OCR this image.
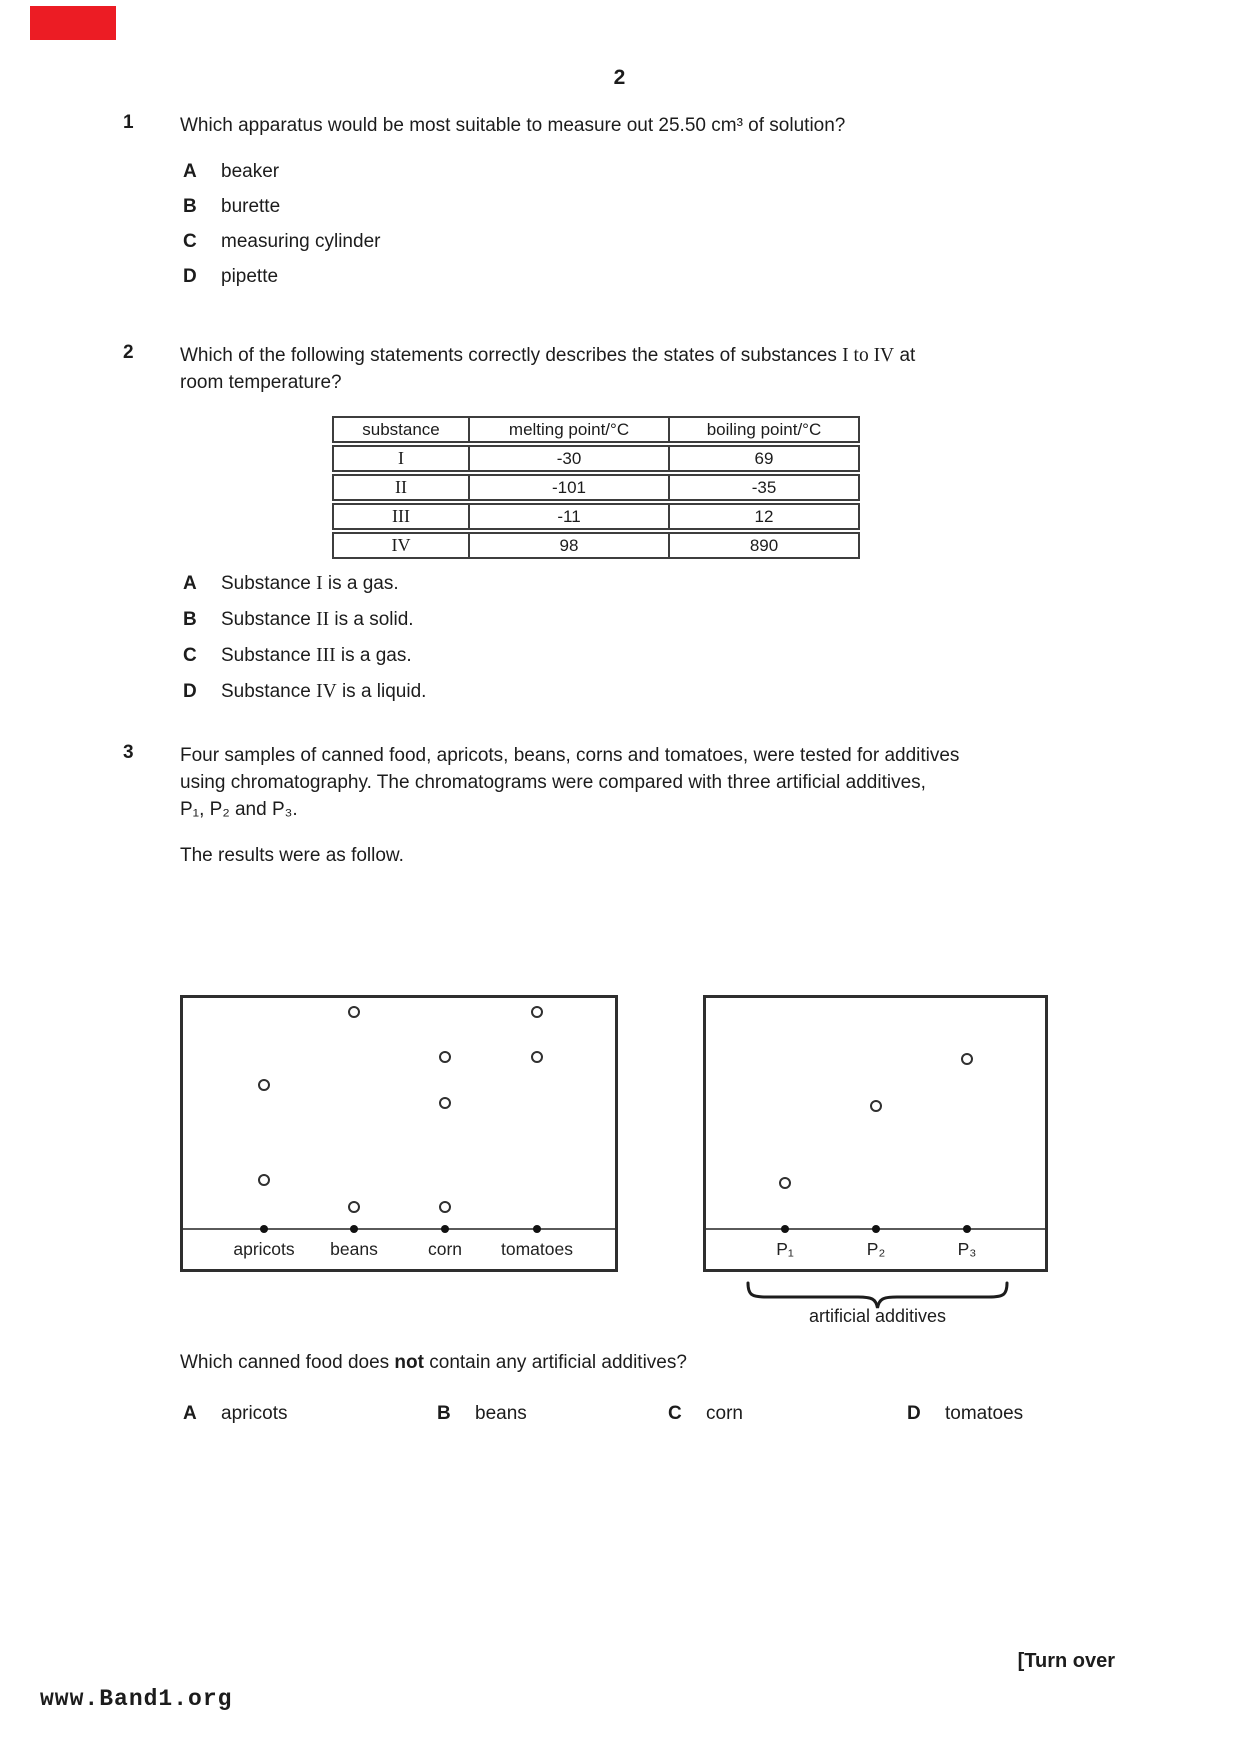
2
1	Which apparatus would be most suitable to measure out 25.50 cm³ of solution?
A	beaker
B	burette
C	measuring cylinder
D	pipette
2	Which of the following statements correctly describes the states of substances I to IV at
room temperature?
substance	melting point/°C	boiling point/°C
I	-30	69
II	-101	-35
III	-11	12
IV	98	890
A	Substance I is a gas.
B	Substance II is a solid.
C	Substance III is a gas.
D	Substance IV is a liquid.
3	Four samples of canned food, apricots, beans, corns and tomatoes, were tested for additives
using chromatography. The chromatograms were compared with three artificial additives,
P₁, P₂ and P₃.
The results were as follow.
apricots	beans	corn	tomatoes	P₁	P₂	P₃
artificial additives
Which canned food does not contain any artificial additives?
A	apricots	B	beans	C	corn	D	tomatoes
[Turn over
www.Band1.org
